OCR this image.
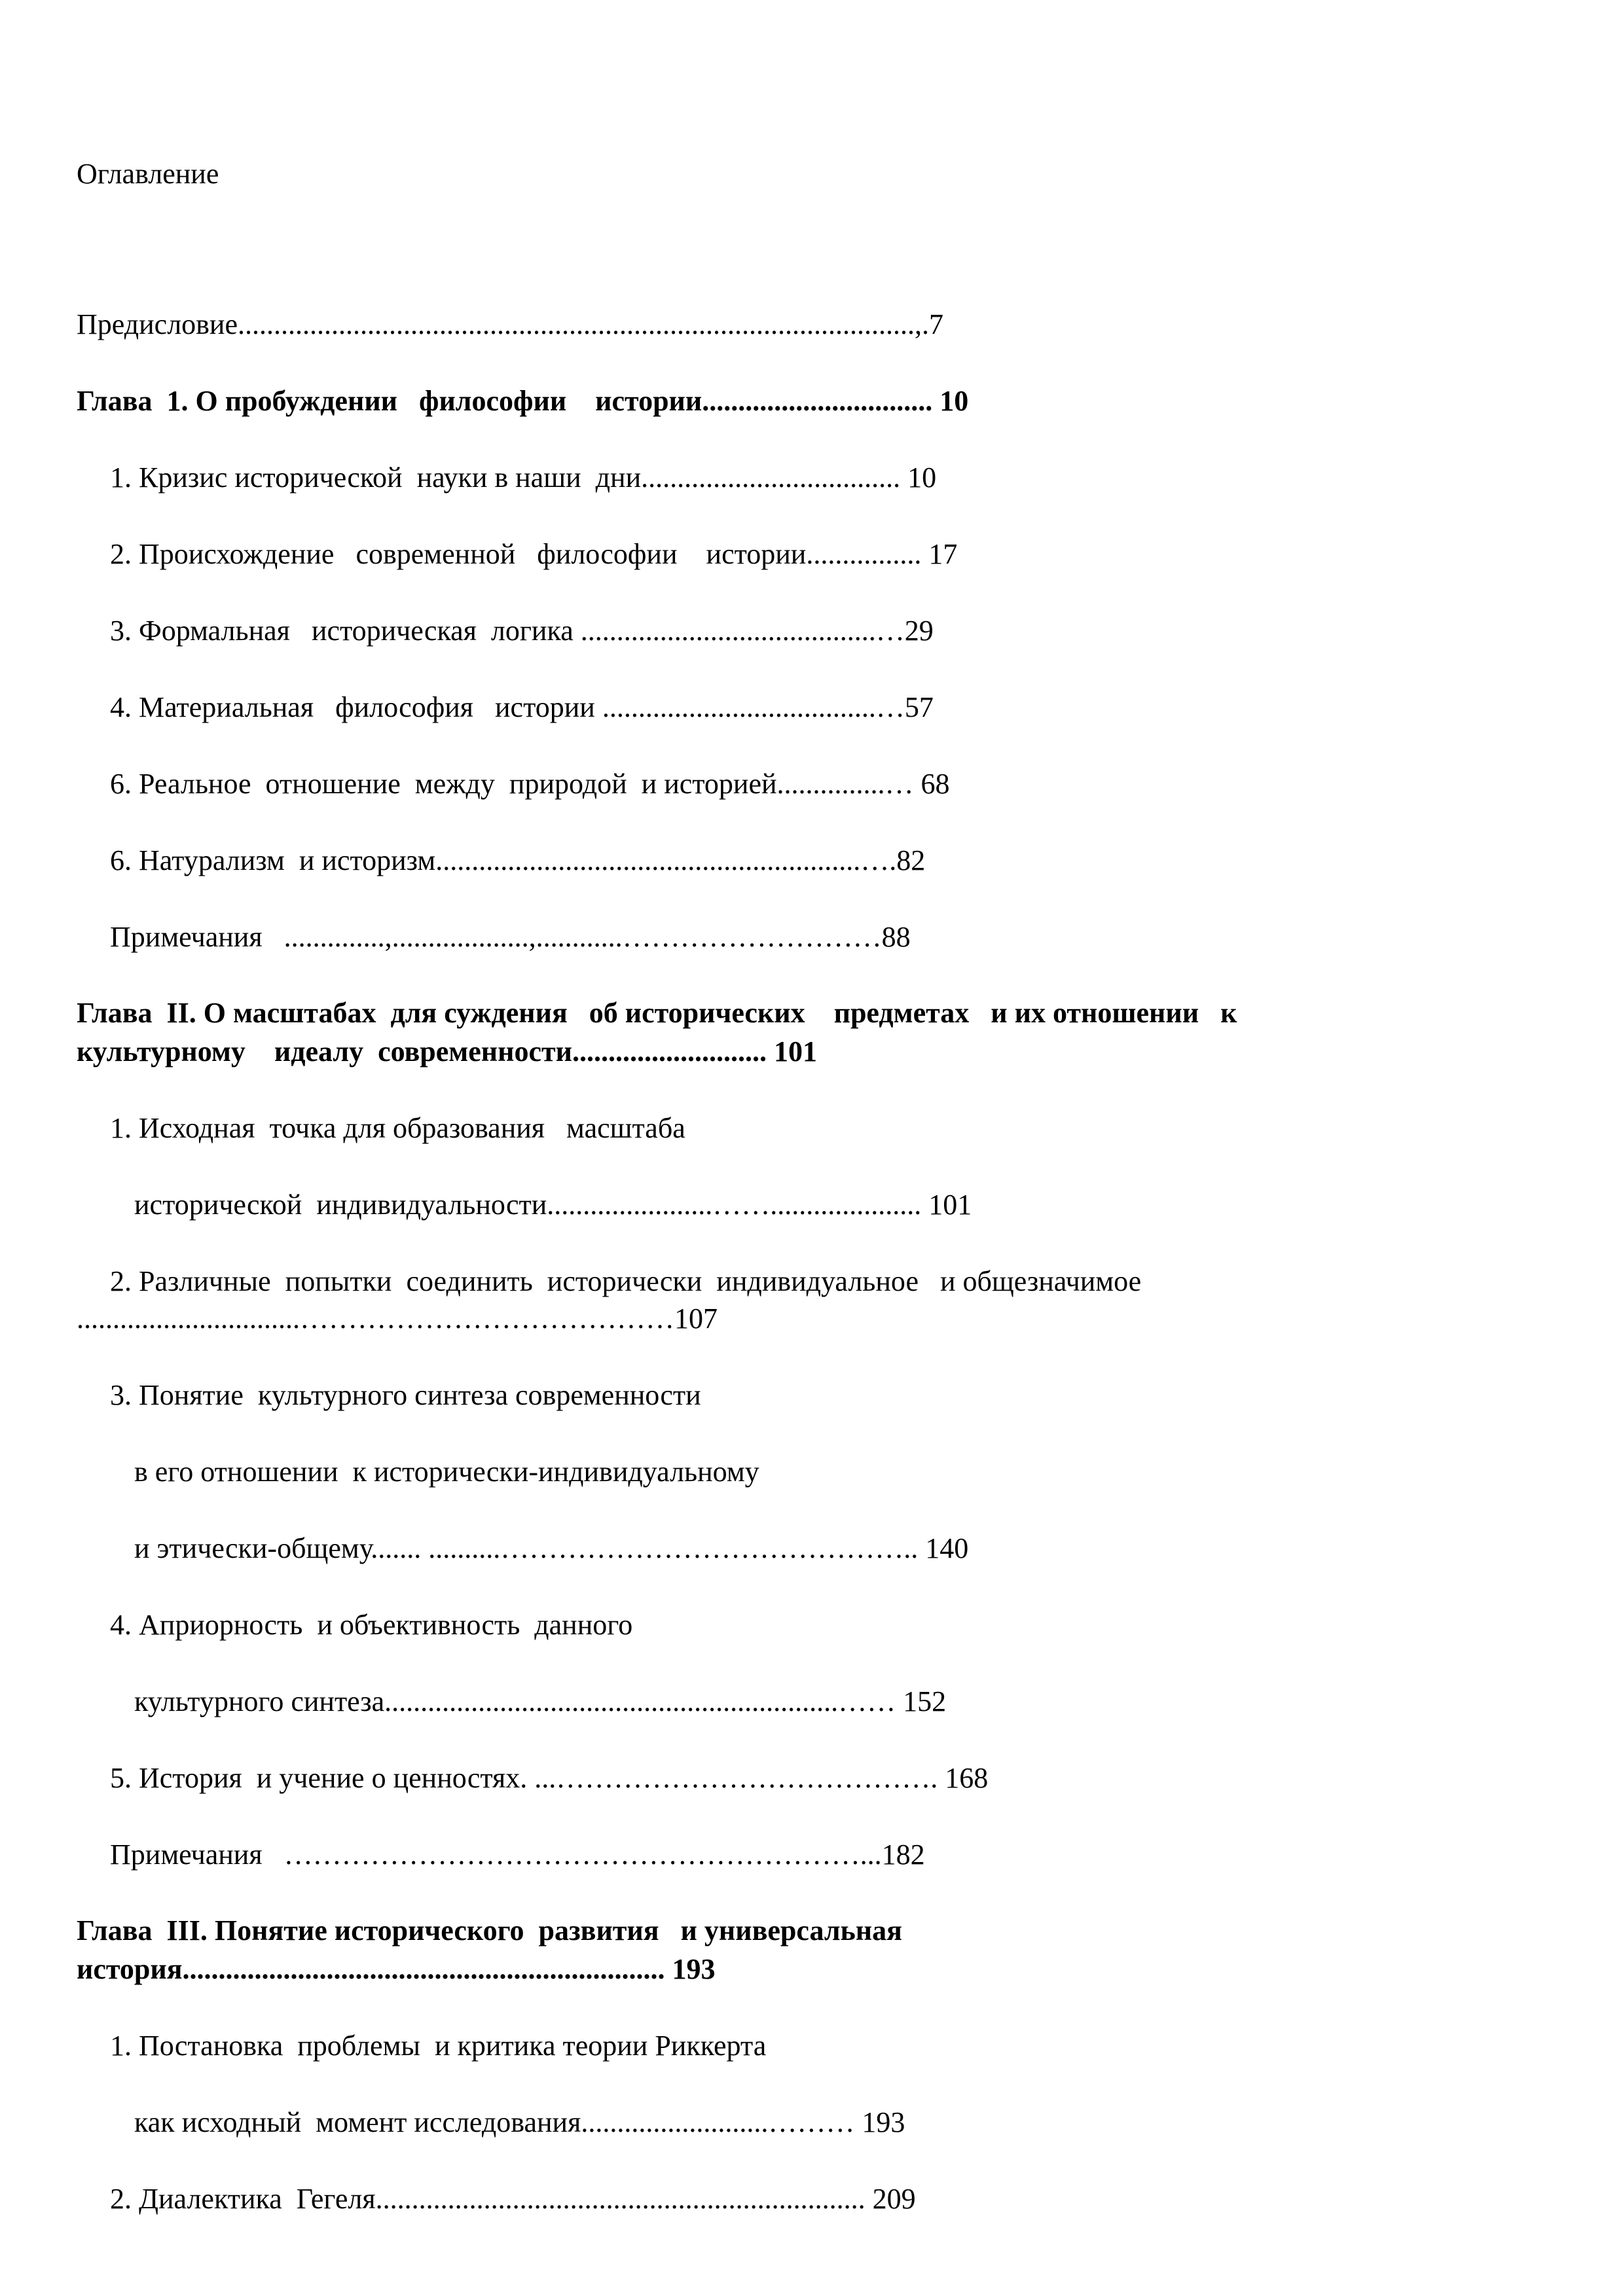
Оглавление
Предисловие..............................................................................................,.7
Глава  1. О пробуждении   философии    истории................................ 10
1. Кризис исторической  науки в наши  дни.................................... 10
2. Происхождение   современной   философии    истории................ 17
3. Формальная   историческая  логика .........................................…29
4. Материальная   философия   истории ......................................…57
6. Реальное  отношение  между  природой  и историей...............… 68
6. Натурализм  и историзм...........................................................….82
Примечания   ..............,...................,............………………………88
Глава  II. О масштабах  для суждения   об исторических    предметах   и их отношении   к
культурному    идеалу  современности........................... 101
1. Исходная  точка для образования   масштаба
исторической  индивидуальности.......................……..................... 101
2. Различные  попытки  соединить  исторически  индивидуальное   и общезначимое
...............................…………………………………107
3. Понятие  культурного синтеза современности
в его отношении  к исторически-индивидуальному
и этически-общему....... ..........…………………………………….. 140
4. Априорность  и объективность  данного
культурного синтеза...............................................................…… 152
5. История  и учение о ценностях. ...…………………………………. 168
Примечания   ……………………………………………………...182
Глава  III. Понятие исторического  развития   и универсальная
история................................................................... 193
1. Постановка  проблемы  и критика теории Риккерта
как исходный  момент исследования..........................……… 193
2. Диалектика  Гегеля.................................................................... 209
